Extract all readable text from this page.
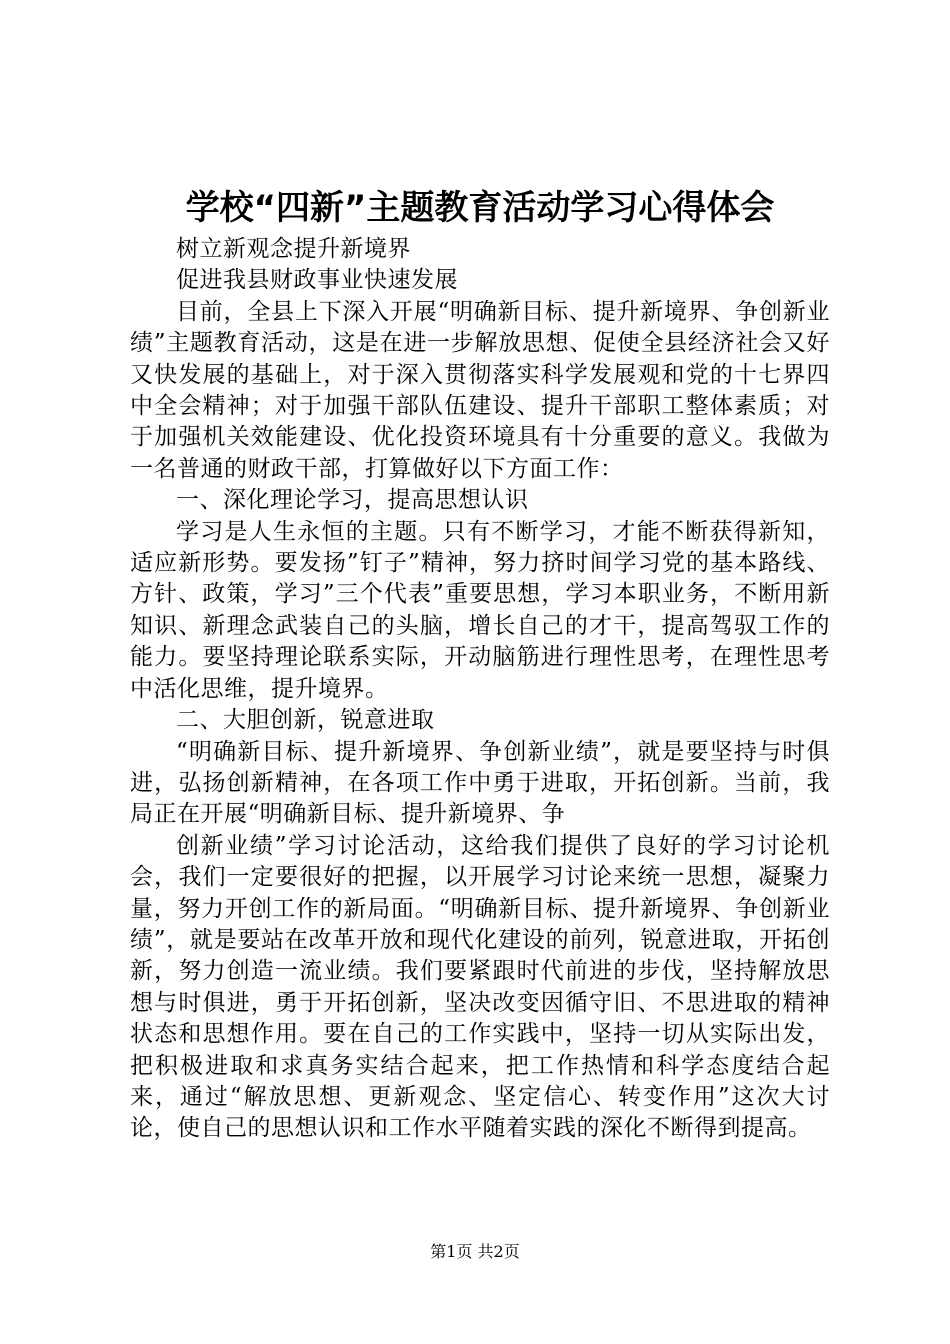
学校“四新”主题教育活动学习心得体会

树立新观念提升新境界

促进我县财政事业快速发展

目前，全县上下深入开展“明确新目标、提升新境界、争创新业绩”主题教育活动，这是在进一步解放思想、促使全县经济社会又好又快发展的基础上，对于深入贯彻落实科学发展观和党的十七界四中全会精神；对于加强干部队伍建设、提升干部职工整体素质；对于加强机关效能建设、优化投资环境具有十分重要的意义。我做为一名普通的财政干部，打算做好以下方面工作：

一、深化理论学习，提高思想认识

学习是人生永恒的主题。只有不断学习，才能不断获得新知，适应新形势。要发扬”钉子”精神，努力挤时间学习党的基本路线、方针、政策，学习”三个代表”重要思想，学习本职业务，不断用新知识、新理念武装自己的头脑，增长自己的才干，提高驾驭工作的能力。要坚持理论联系实际，开动脑筋进行理性思考，在理性思考中活化思维，提升境界。

二、大胆创新，锐意进取

“明确新目标、提升新境界、争创新业绩”，就是要坚持与时俱进，弘扬创新精神，在各项工作中勇于进取，开拓创新。当前，我局正在开展“明确新目标、提升新境界、争

创新业绩”学习讨论活动，这给我们提供了良好的学习讨论机会，我们一定要很好的把握，以开展学习讨论来统一思想，凝聚力量，努力开创工作的新局面。“明确新目标、提升新境界、争创新业绩”，就是要站在改革开放和现代化建设的前列，锐意进取，开拓创新，努力创造一流业绩。我们要紧跟时代前进的步伐，坚持解放思想与时俱进，勇于开拓创新，坚决改变因循守旧、不思进取的精神状态和思想作用。要在自己的工作实践中，坚持一切从实际出发，把积极进取和求真务实结合起来，把工作热情和科学态度结合起来，通过“解放思想、更新观念、坚定信心、转变作用”这次大讨论，使自己的思想认识和工作水平随着实践的深化不断得到提高。

第1页 共2页
